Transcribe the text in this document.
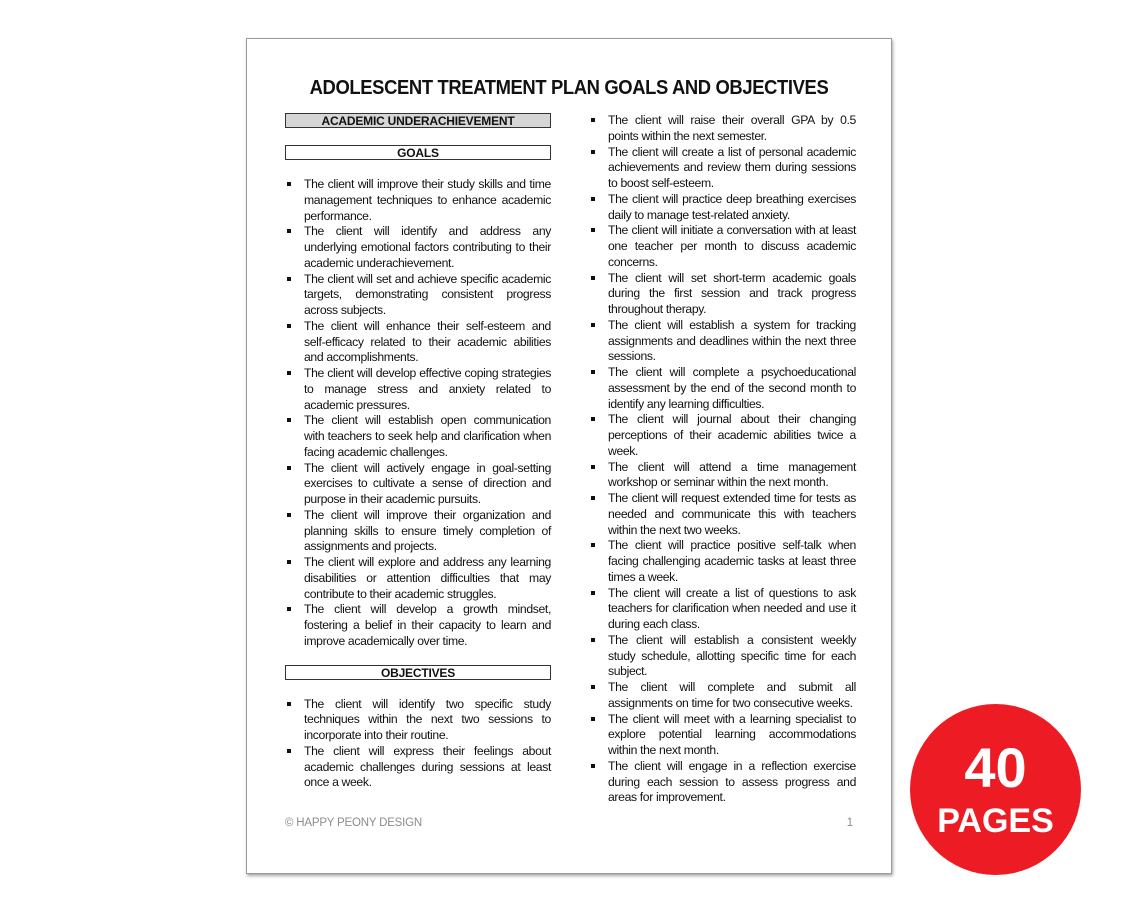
ADOLESCENT TREATMENT PLAN GOALS AND OBJECTIVES
ACADEMIC UNDERACHIEVEMENT
GOALS
The client will improve their study skills and time management techniques to enhance academic performance.
The client will identify and address any underlying emotional factors contributing to their academic underachievement.
The client will set and achieve specific academic targets, demonstrating consistent progress across subjects.
The client will enhance their self-esteem and self-efficacy related to their academic abilities and accomplishments.
The client will develop effective coping strategies to manage stress and anxiety related to academic pressures.
The client will establish open communication with teachers to seek help and clarification when facing academic challenges.
The client will actively engage in goal-setting exercises to cultivate a sense of direction and purpose in their academic pursuits.
The client will improve their organization and planning skills to ensure timely completion of assignments and projects.
The client will explore and address any learning disabilities or attention difficulties that may contribute to their academic struggles.
The client will develop a growth mindset, fostering a belief in their capacity to learn and improve academically over time.
OBJECTIVES
The client will identify two specific study techniques within the next two sessions to incorporate into their routine.
The client will express their feelings about academic challenges during sessions at least once a week.
The client will raise their overall GPA by 0.5 points within the next semester.
The client will create a list of personal academic achievements and review them during sessions to boost self-esteem.
The client will practice deep breathing exercises daily to manage test-related anxiety.
The client will initiate a conversation with at least one teacher per month to discuss academic concerns.
The client will set short-term academic goals during the first session and track progress throughout therapy.
The client will establish a system for tracking assignments and deadlines within the next three sessions.
The client will complete a psychoeducational assessment by the end of the second month to identify any learning difficulties.
The client will journal about their changing perceptions of their academic abilities twice a week.
The client will attend a time management workshop or seminar within the next month.
The client will request extended time for tests as needed and communicate this with teachers within the next two weeks.
The client will practice positive self-talk when facing challenging academic tasks at least three times a week.
The client will create a list of questions to ask teachers for clarification when needed and use it during each class.
The client will establish a consistent weekly study schedule, allotting specific time for each subject.
The client will complete and submit all assignments on time for two consecutive weeks.
The client will meet with a learning specialist to explore potential learning accommodations within the next month.
The client will engage in a reflection exercise during each session to assess progress and areas for improvement.
© HAPPY PEONY DESIGN	1
40
PAGES
